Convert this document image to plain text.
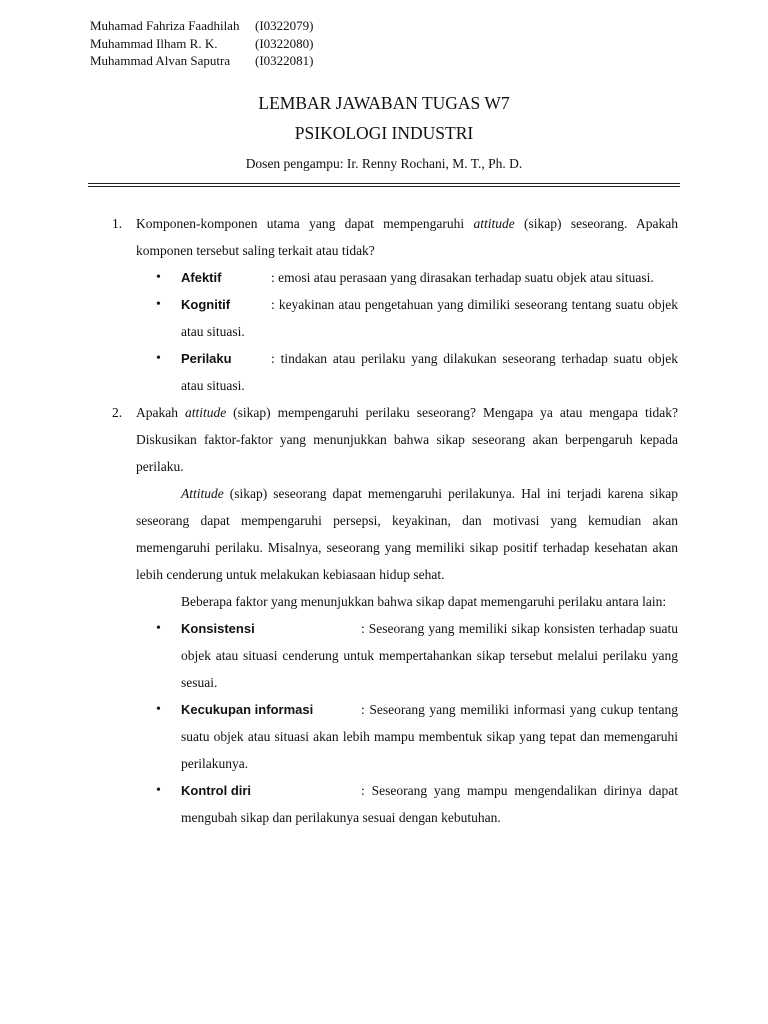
Muhamad Fahriza Faadhilah (I0322079)
Muhammad Ilham R. K.	(I0322080)
Muhammad Alvan Saputra (I0322081)
LEMBAR JAWABAN TUGAS W7
PSIKOLOGI INDUSTRI
Dosen pengampu: Ir. Renny Rochani, M. T., Ph. D.
1. Komponen-komponen utama yang dapat mempengaruhi attitude (sikap) seseorang. Apakah komponen tersebut saling terkait atau tidak?
• Afektif	: emosi atau perasaan yang dirasakan terhadap suatu objek atau situasi.
• Kognitif	: keyakinan atau pengetahuan yang dimiliki seseorang tentang suatu objek atau situasi.
• Perilaku	: tindakan atau perilaku yang dilakukan seseorang terhadap suatu objek atau situasi.
2. Apakah attitude (sikap) mempengaruhi perilaku seseorang? Mengapa ya atau mengapa tidak? Diskusikan faktor-faktor yang menunjukkan bahwa sikap seseorang akan berpengaruh kepada perilaku.
Attitude (sikap) seseorang dapat memengaruhi perilakunya. Hal ini terjadi karena sikap seseorang dapat mempengaruhi persepsi, keyakinan, dan motivasi yang kemudian akan memengaruhi perilaku. Misalnya, seseorang yang memiliki sikap positif terhadap kesehatan akan lebih cenderung untuk melakukan kebiasaan hidup sehat.
Beberapa faktor yang menunjukkan bahwa sikap dapat memengaruhi perilaku antara lain:
• Konsistensi	: Seseorang yang memiliki sikap konsisten terhadap suatu objek atau situasi cenderung untuk mempertahankan sikap tersebut melalui perilaku yang sesuai.
• Kecukupan informasi	: Seseorang yang memiliki informasi yang cukup tentang suatu objek atau situasi akan lebih mampu membentuk sikap yang tepat dan memengaruhi perilakunya.
• Kontrol diri	: Seseorang yang mampu mengendalikan dirinya dapat mengubah sikap dan perilakunya sesuai dengan kebutuhan.
